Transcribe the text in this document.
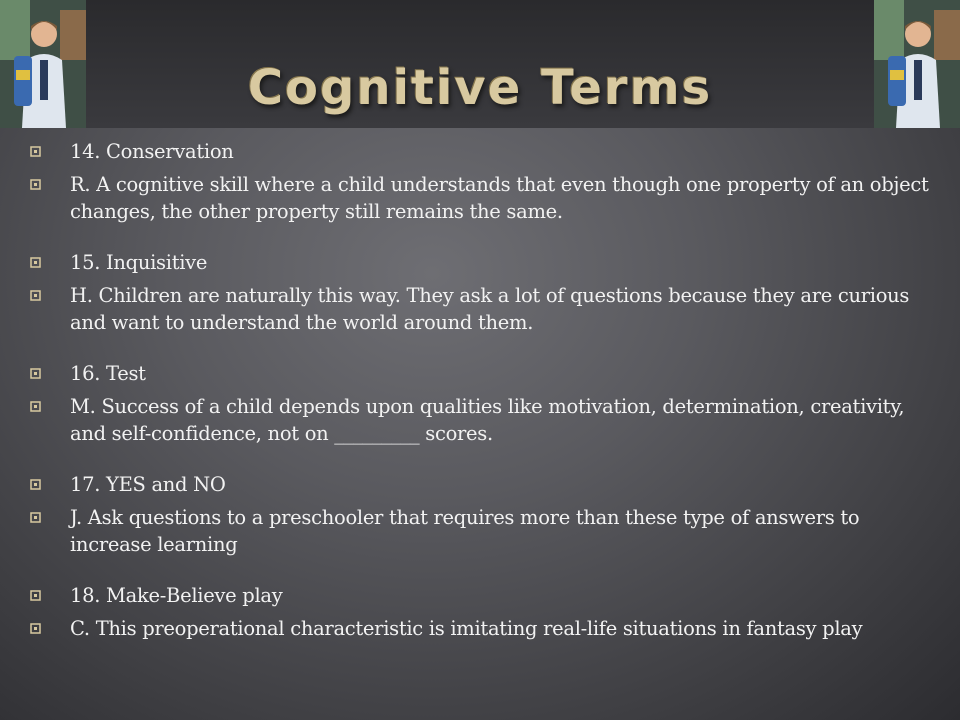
Cognitive Terms
14. Conservation
R. A cognitive skill where a child understands that even though one property of an object changes, the other property still remains the same.
15. Inquisitive
H. Children are naturally this way. They ask a lot of questions because they are curious and want to understand the world around them.
16. Test
M. Success of a child depends upon qualities like motivation, determination, creativity, and self-confidence, not on _________ scores.
17. YES and NO
J. Ask questions to a preschooler that requires more than these type of answers to increase learning
18. Make-Believe play
C. This preoperational characteristic is imitating real-life situations in fantasy play
